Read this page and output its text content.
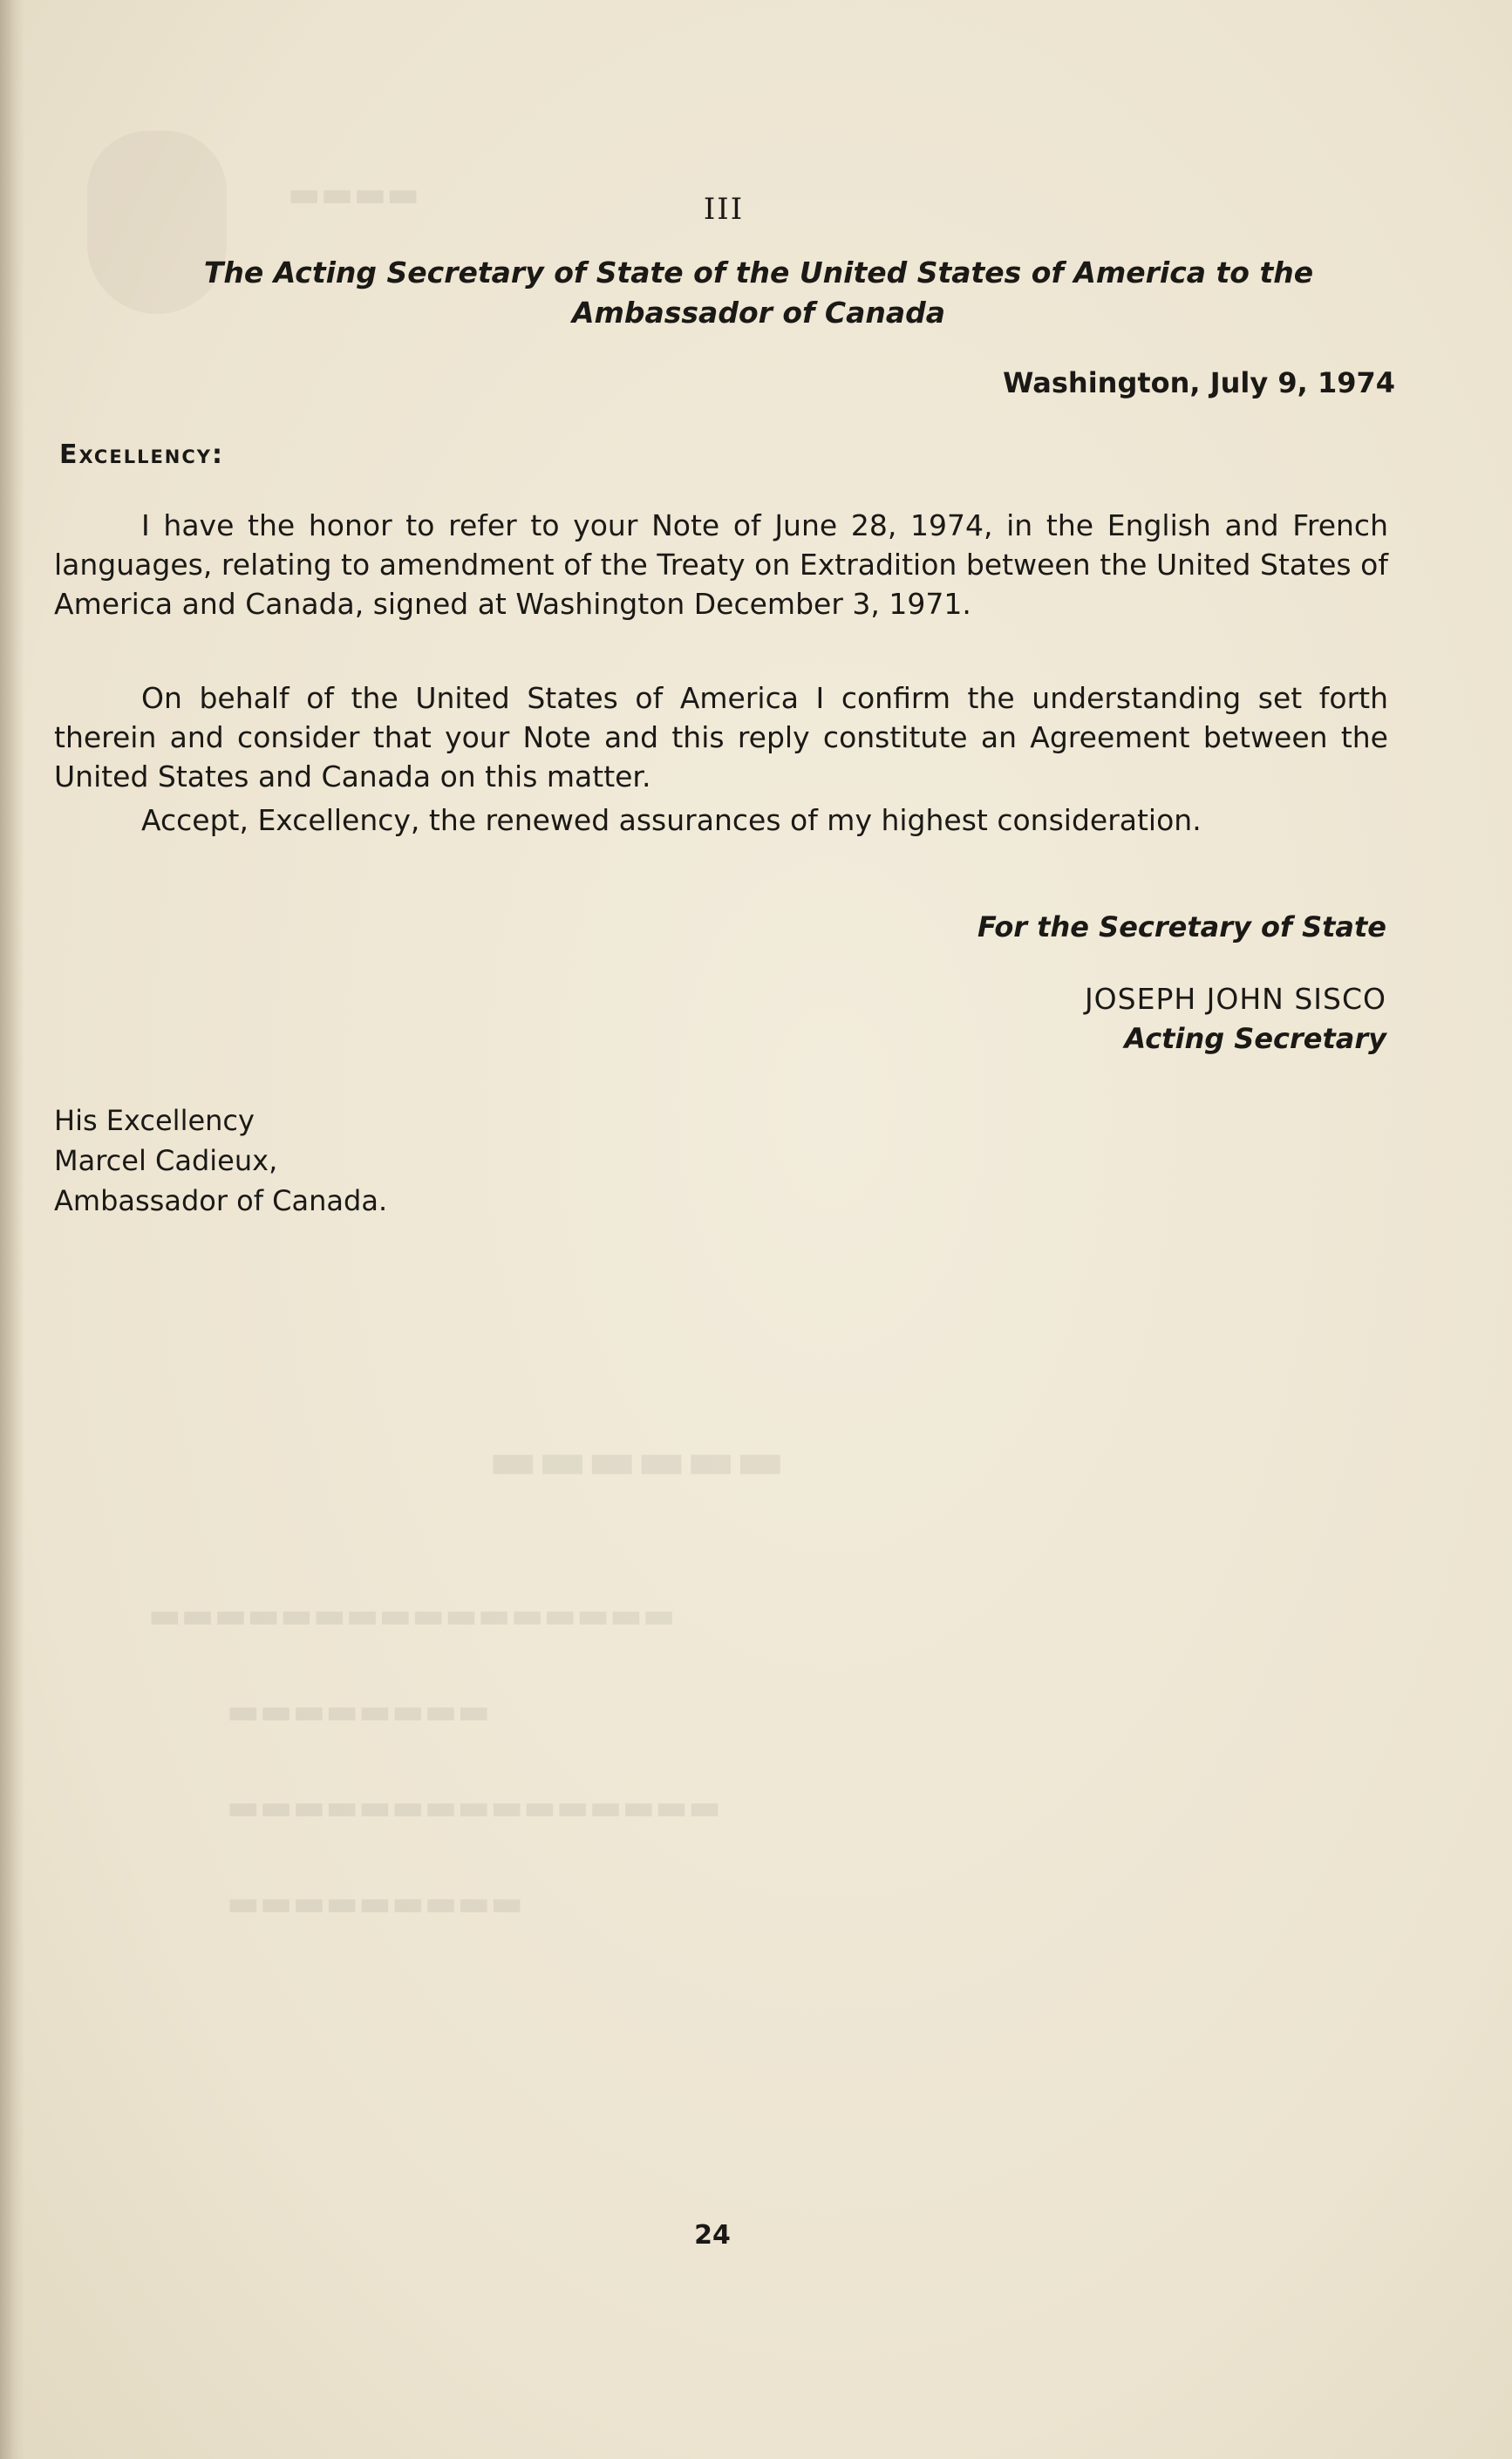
▬▬▬▬
▬▬▬▬▬▬
▬▬▬▬▬▬▬▬▬▬▬▬▬▬▬▬
▬▬▬▬▬▬▬▬
▬▬▬▬▬▬▬▬▬▬▬▬▬▬▬
▬▬▬▬▬▬▬▬▬
III
The Acting Secretary of State of the United States of America to the
Ambassador of Canada
Washington, July 9, 1974
Excellency:

I have the honor to refer to your Note of June 28, 1974, in the English and French languages, relating to amendment of the Treaty on Extradition between the United States of America and Canada, signed at Washington December 3, 1971.

On behalf of the United States of America I confirm the understanding set forth therein and consider that your Note and this reply constitute an Agreement between the United States and Canada on this matter.

Accept, Excellency, the renewed assurances of my highest consideration.

For the Secretary of State
JOSEPH JOHN SISCO
Acting Secretary
His Excellency
Marcel Cadieux,
Ambassador of Canada.
24
